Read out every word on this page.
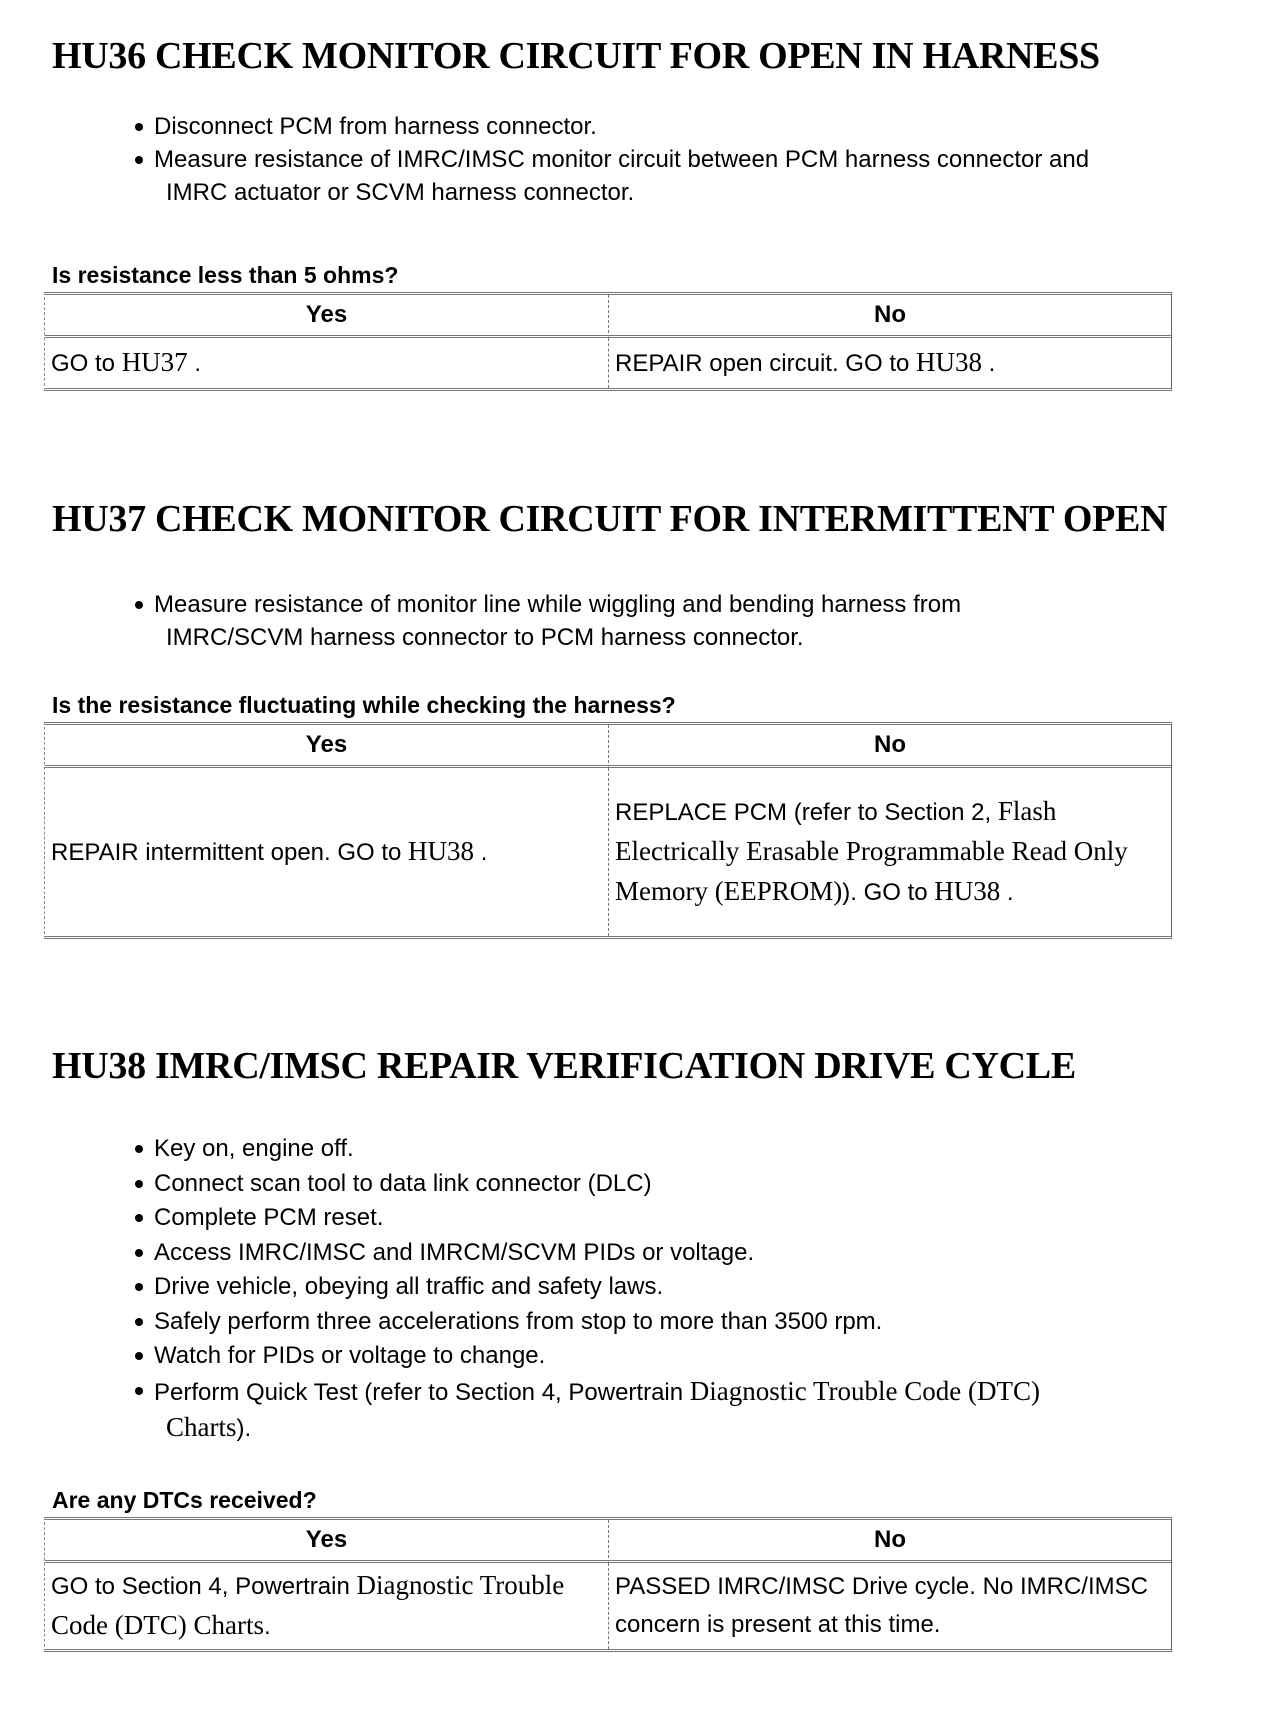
HU36 CHECK MONITOR CIRCUIT FOR OPEN IN HARNESS
Disconnect PCM from harness connector.
Measure resistance of IMRC/IMSC monitor circuit between PCM harness connector and
IMRC actuator or SCVM harness connector.
Is resistance less than 5 ohms?
Yes	No
GO to HU37 .	REPAIR open circuit. GO to HU38 .
HU37 CHECK MONITOR CIRCUIT FOR INTERMITTENT OPEN
Measure resistance of monitor line while wiggling and bending harness from
IMRC/SCVM harness connector to PCM harness connector.
Is the resistance fluctuating while checking the harness?
Yes	No
REPAIR intermittent open. GO to HU38 .	REPLACE PCM (refer to Section 2, Flash Electrically Erasable Programmable Read Only Memory (EEPROM)). GO to HU38 .
HU38 IMRC/IMSC REPAIR VERIFICATION DRIVE CYCLE
Key on, engine off.
Connect scan tool to data link connector (DLC)
Complete PCM reset.
Access IMRC/IMSC and IMRCM/SCVM PIDs or voltage.
Drive vehicle, obeying all traffic and safety laws.
Safely perform three accelerations from stop to more than 3500 rpm.
Watch for PIDs or voltage to change.
Perform Quick Test (refer to Section 4, Powertrain Diagnostic Trouble Code (DTC)
Charts).
Are any DTCs received?
Yes	No
GO to Section 4, Powertrain Diagnostic Trouble Code (DTC) Charts.	PASSED IMRC/IMSC Drive cycle. No IMRC/IMSC concern is present at this time.
